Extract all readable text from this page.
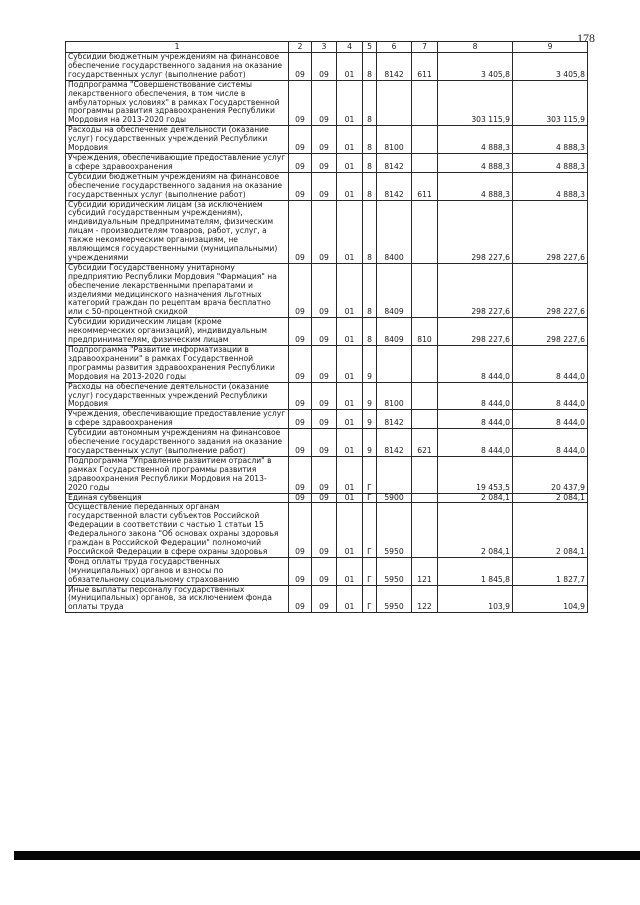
178
1	2	3	4	5	6	7	8	9
Субсидии бюджетным учреждениям на финансовое обеспечение государственного задания на оказание государственных услуг (выполнение работ)	09	09	01	8	8142	611	3 405,8	3 405,8
Подпрограмма "Совершенствование системы лекарственного обеспечения, в том числе в амбулаторных условиях" в рамках Государственной программы развития здравоохранения Республики Мордовия на 2013-2020 годы	09	09	01	8			303 115,9	303 115,9
Расходы на обеспечение деятельности (оказание услуг) государственных учреждений Республики Мордовия	09	09	01	8	8100		4 888,3	4 888,3
Учреждения, обеспечивающие предоставление услуг в сфере здравоохранения	09	09	01	8	8142		4 888,3	4 888,3
Субсидии бюджетным учреждениям на финансовое обеспечение государственного задания на оказание государственных услуг (выполнение работ)	09	09	01	8	8142	611	4 888,3	4 888,3
Субсидии юридическим лицам (за исключением субсидий государственным учреждениям), индивидуальным предпринимателям, физическим лицам - производителям товаров, работ, услуг, а также некоммерческим организациям, не являющимся государственными (муниципальными) учреждениями	09	09	01	8	8400		298 227,6	298 227,6
Субсидии Государственному унитарному предприятию Республики Мордовия "Фармация" на обеспечение лекарственными препаратами и изделиями медицинского назначения льготных категорий граждан по рецептам врача бесплатно или с 50-процентной скидкой	09	09	01	8	8409		298 227,6	298 227,6
Субсидии юридическим лицам (кроме некоммерческих организаций), индивидуальным предпринимателям, физическим лицам	09	09	01	8	8409	810	298 227,6	298 227,6
Подпрограмма "Развитие информатизации в здравоохранении" в рамках Государственной программы развития здравоохранения Республики Мордовия на 2013-2020 годы	09	09	01	9			8 444,0	8 444,0
Расходы на обеспечение деятельности (оказание услуг) государственных учреждений Республики Мордовия	09	09	01	9	8100		8 444,0	8 444,0
Учреждения, обеспечивающие предоставление услуг в сфере здравоохранения	09	09	01	9	8142		8 444,0	8 444,0
Субсидии автономным учреждениям на финансовое обеспечение государственного задания на оказание государственных услуг (выполнение работ)	09	09	01	9	8142	621	8 444,0	8 444,0
Подпрограмма "Управление развитием отрасли" в рамках Государственной программы развития здравоохранения Республики Мордовия на 2013-2020 годы	09	09	01	Г			19 453,5	20 437,9
Единая субвенция	09	09	01	Г	5900		2 084,1	2 084,1
Осуществление переданных органам государственной власти субъектов Российской Федерации в соответствии с частью 1 статьи 15 Федерального закона "Об основах охраны здоровья граждан в Российской Федерации" полномочий Российской Федерации в сфере охраны здоровья	09	09	01	Г	5950		2 084,1	2 084,1
Фонд оплаты труда государственных (муниципальных) органов и взносы по обязательному социальному страхованию	09	09	01	Г	5950	121	1 845,8	1 827,7
Иные выплаты персоналу государственных (муниципальных) органов, за исключением фонда оплаты труда	09	09	01	Г	5950	122	103,9	104,9
